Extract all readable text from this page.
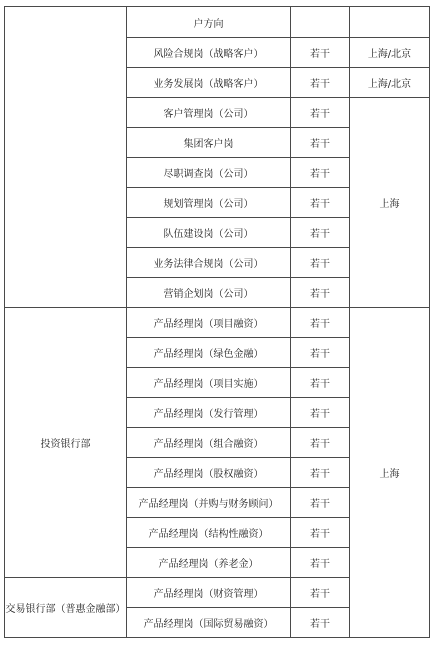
	户方向		
	风险合规岗（战略客户）	若干	上海/北京
	业务发展岗（战略客户）	若干	上海/北京
	客户管理岗（公司）	若干	上海
	集团客户岗	若干	
	尽职调查岗（公司）	若干	
	规划管理岗（公司）	若干	
	队伍建设岗（公司）	若干	
	业务法律合规岗（公司）	若干	
	营销企划岗（公司）	若干	
投资银行部	产品经理岗（项目融资）	若干	上海
	产品经理岗（绿色金融）	若干	
	产品经理岗（项目实施）	若干	
	产品经理岗（发行管理）	若干	
	产品经理岗（组合融资）	若干	
	产品经理岗（股权融资）	若干	
	产品经理岗（并购与财务顾问）	若干	
	产品经理岗（结构性融资）	若干	
	产品经理岗（养老金）	若干	
交易银行部（普惠金融部）	产品经理岗（财资管理）	若干	
	产品经理岗（国际贸易融资）	若干	
